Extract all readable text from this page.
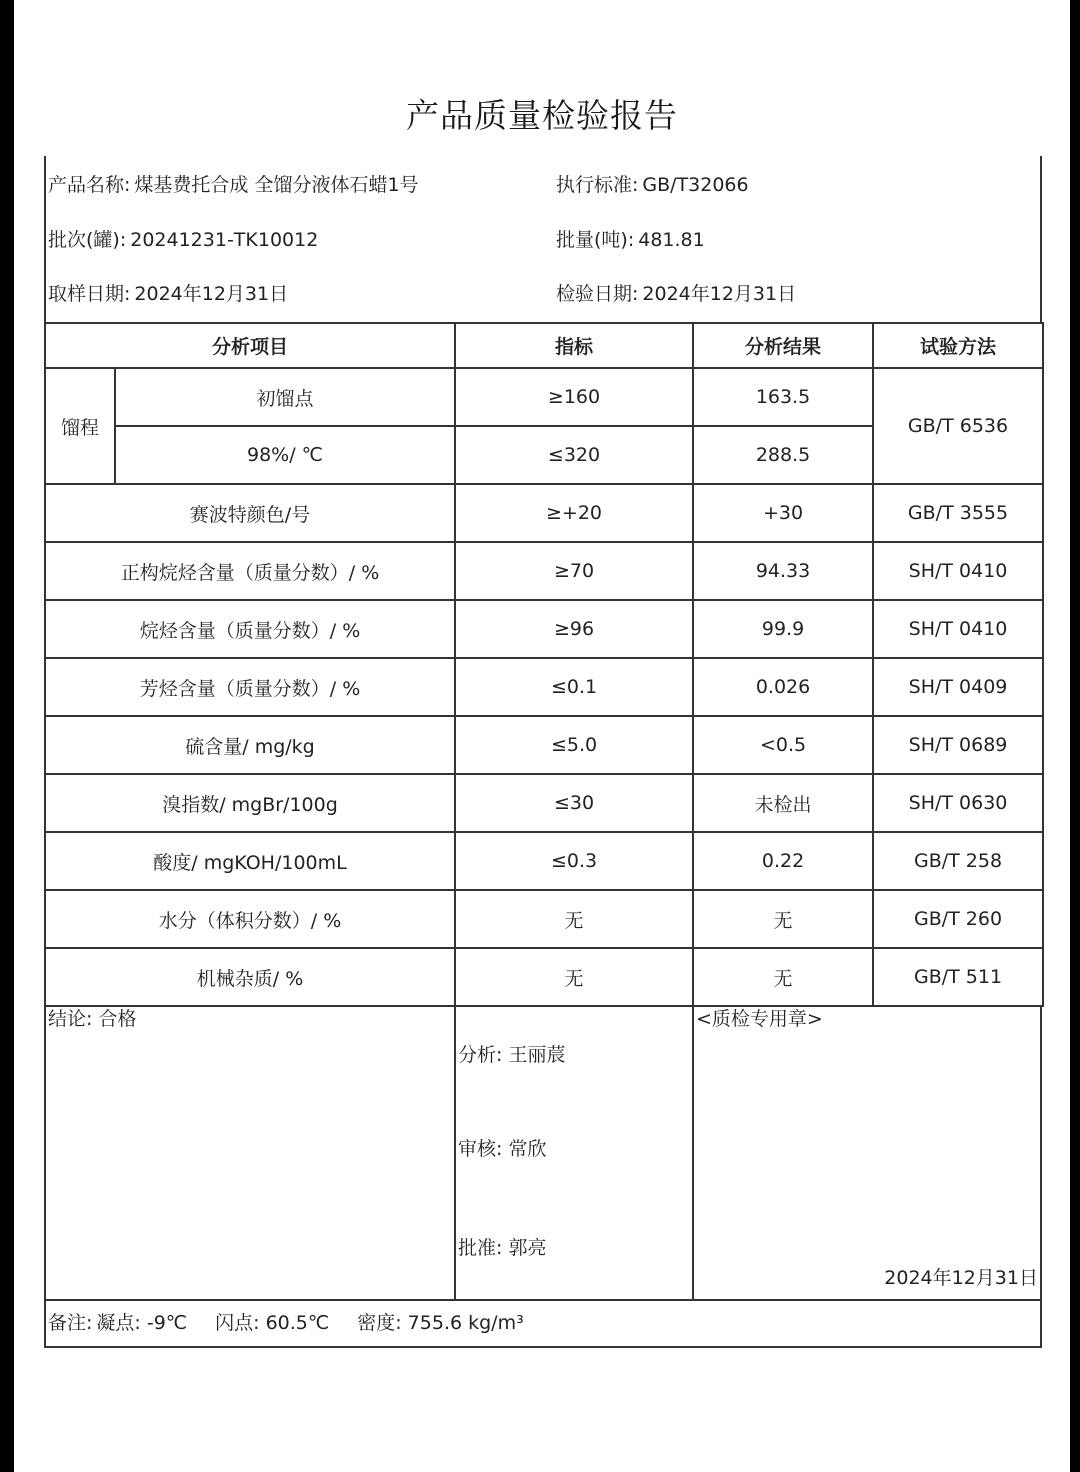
产品质量检验报告
产品名称: 煤基费托合成 全馏分液体石蜡1号	执行标准: GB/T32066
批次(罐): 20241231-TK10012	批量(吨): 481.81
取样日期: 2024年12月31日	检验日期: 2024年12月31日
分析项目		指标	分析结果	试验方法
馏程	初馏点	≥160	163.5	GB/T 6536
	98%/ ℃	≤320	288.5	
赛波特颜色/号		≥+20	+30	GB/T 3555
正构烷烃含量（质量分数）/ %		≥70	94.33	SH/T 0410
烷烃含量（质量分数）/ %		≥96	99.9	SH/T 0410
芳烃含量（质量分数）/ %		≤0.1	0.026	SH/T 0409
硫含量/ mg/kg		≤5.0	<0.5	SH/T 0689
溴指数/ mgBr/100g		≤30	未检出	SH/T 0630
酸度/ mgKOH/100mL		≤0.3	0.22	GB/T 258
水分（体积分数）/ %		无	无	GB/T 260
机械杂质/ %		无	无	GB/T 511
结论: 合格
分析: 王丽莀
审核: 常欣
批准: 郭亮
<质检专用章>
2024年12月31日
备注: 凝点: -9℃ 闪点: 60.5℃ 密度: 755.6 kg/m³
